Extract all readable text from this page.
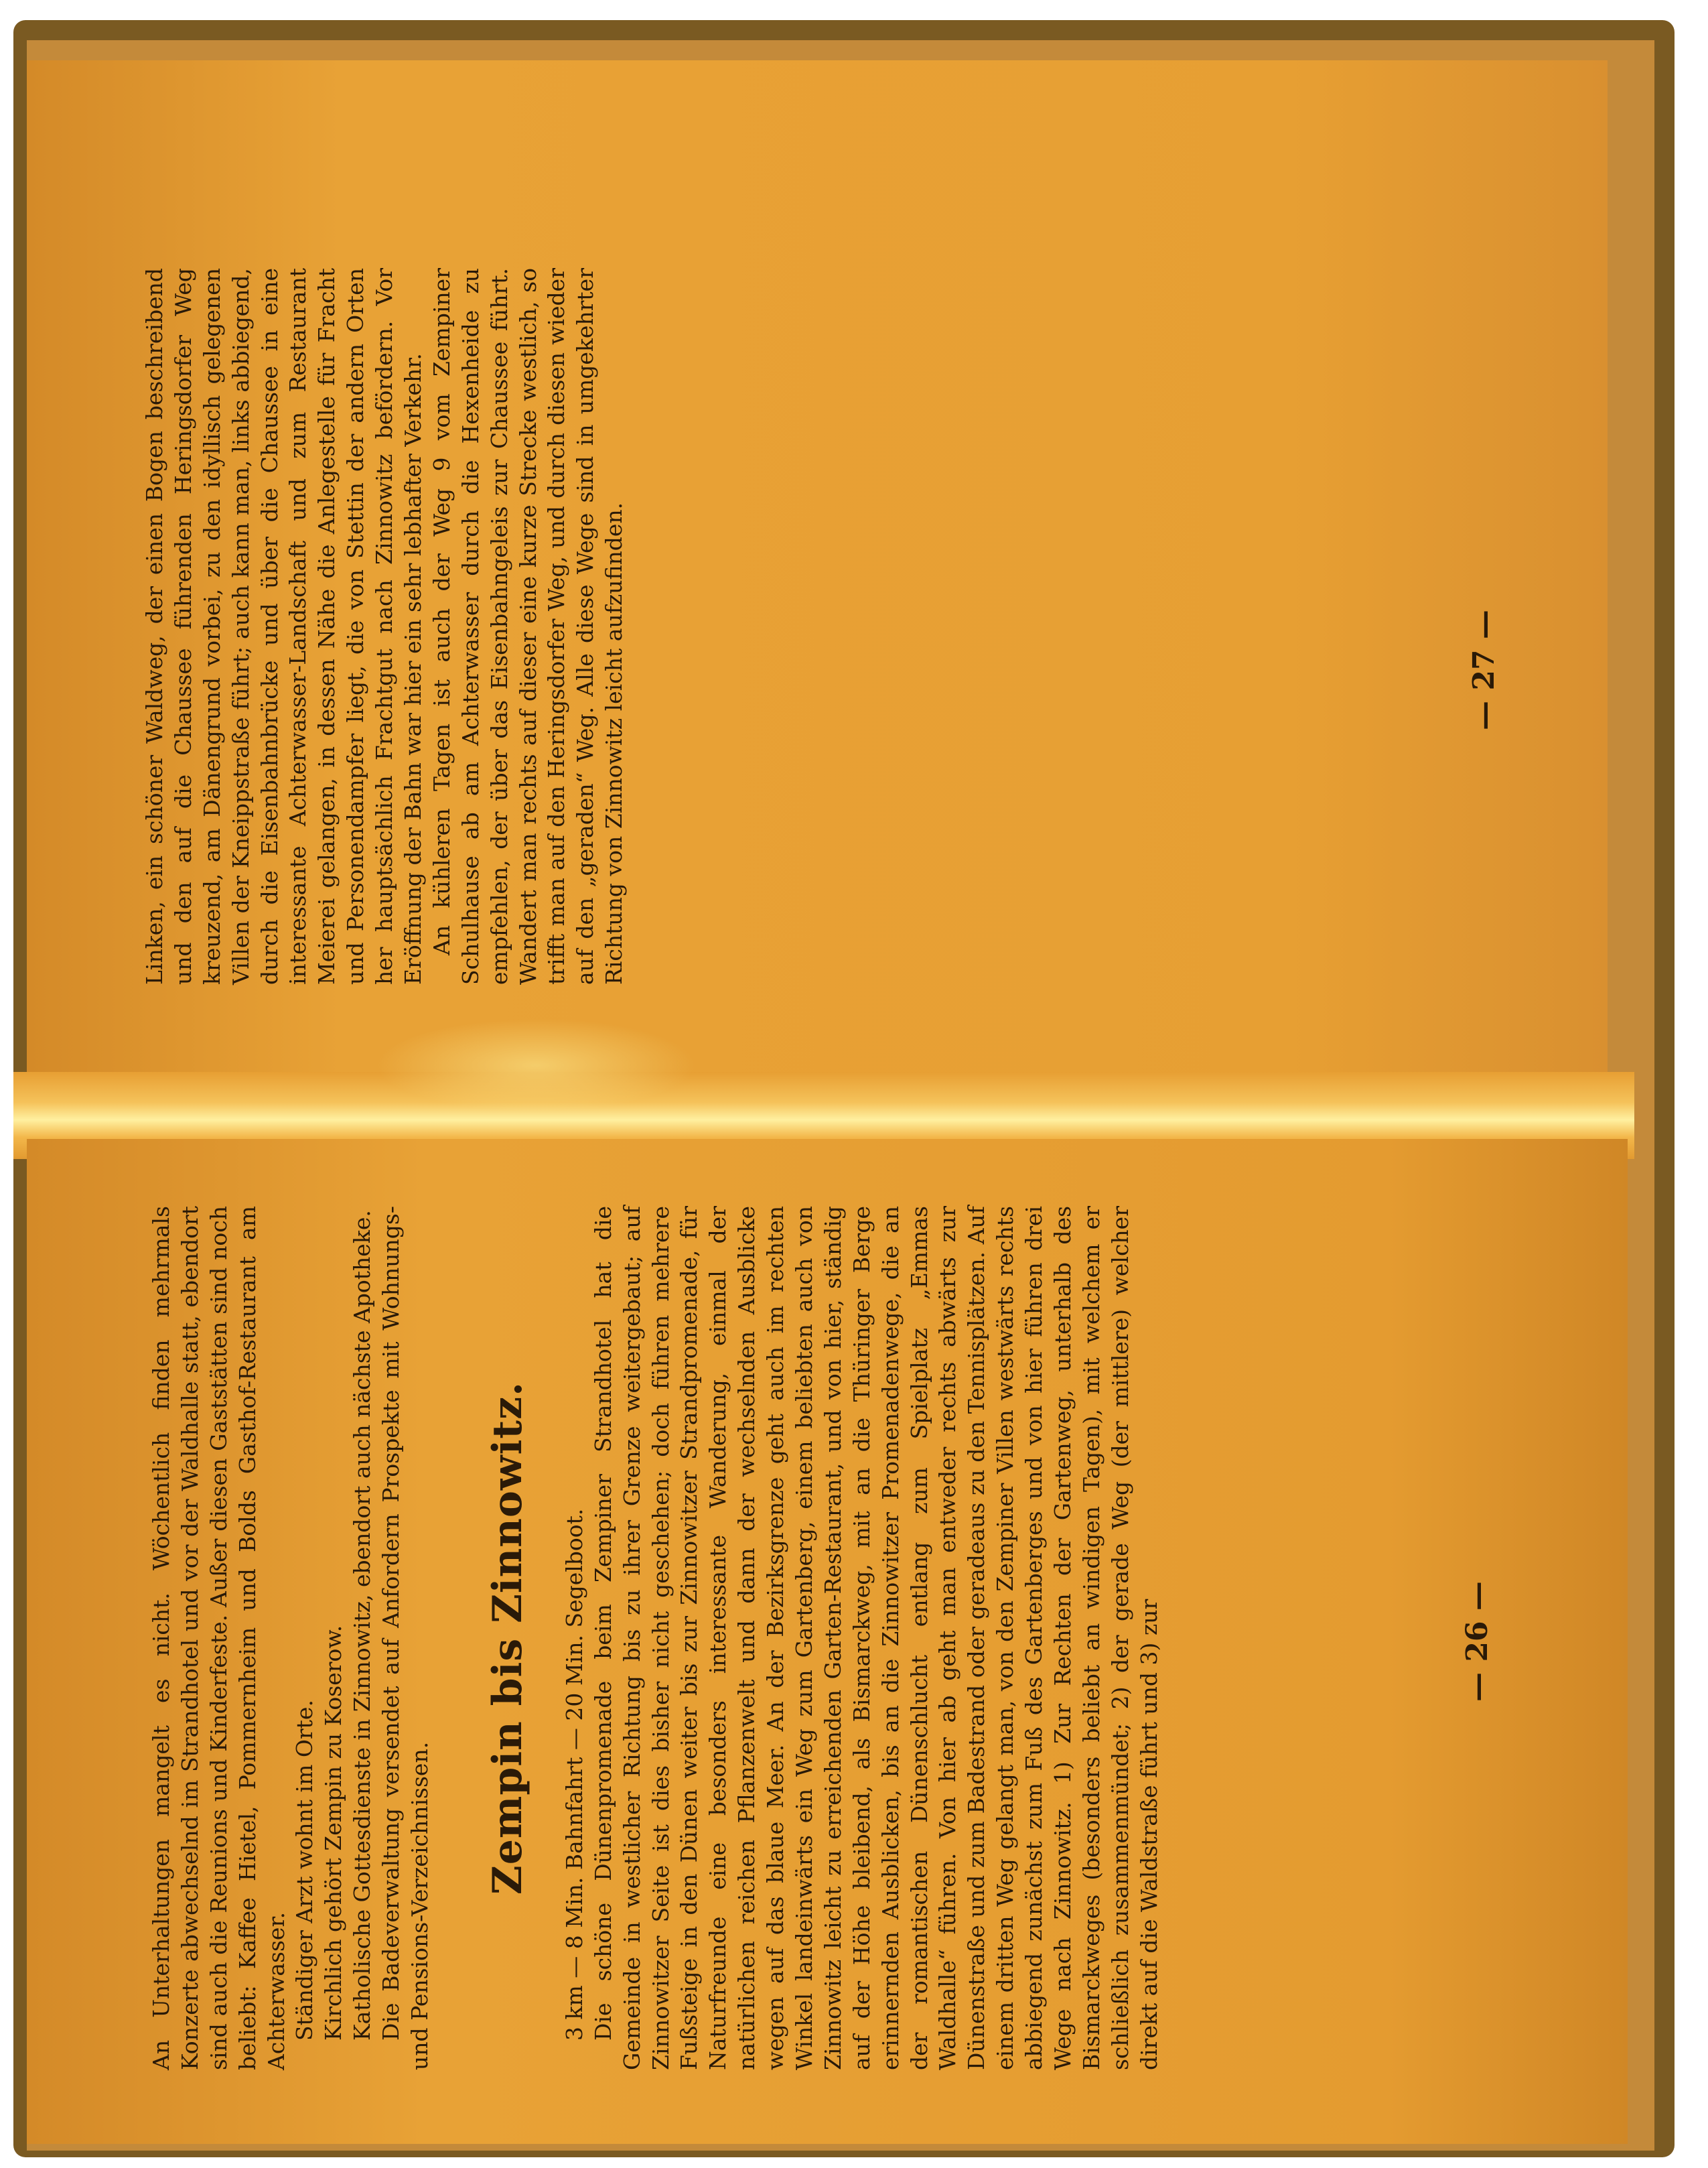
Linken, ein schöner Waldweg, der einen Bogen beschreibend und den auf die Chaussee führenden Heringsdorfer Weg kreuzend, am Dänengrund vorbei, zu den idyllisch gelegenen Villen der Kneippstraße führt; auch kann man, links abbiegend, durch die Eisenbahnbrücke und über die Chaussee in eine interessante Achterwasser-Landschaft und zum Restaurant Meierei gelangen, in dessen Nähe die Anlegestelle für Fracht und Personendampfer liegt, die von Stettin der andern Orten her hauptsächlich Frachtgut nach Zinnowitz befördern. Vor Eröffnung der Bahn war hier ein sehr lebhafter Verkehr. An kühleren Tagen ist auch der Weg 9 vom Zempiner Schulhause ab am Achterwasser durch die Hexenheide zu empfehlen, der über das Eisenbahngeleis zur Chaussee führt. Wandert man rechts auf dieser eine kurze Strecke westlich, so trifft man auf den Heringsdorfer Weg, und durch diesen wieder auf den „geraden“ Weg. Alle diese Wege sind in umgekehrter Richtung von Zinnowitz leicht aufzufinden.	— 27 —

An Unterhaltungen mangelt es nicht. Wöchentlich finden mehrmals Konzerte abwechselnd im Strandhotel und vor der Waldhalle statt, ebendort sind auch die Reunions und Kinderfeste. Außer diesen Gaststätten sind noch beliebt: Kaffee Hietel, Pommernheim und Bolds Gasthof-Restaurant am Achterwasser. Ständiger Arzt wohnt im Orte. Kirchlich gehört Zempin zu Koserow. Katholische Gottesdienste in Zinnowitz, ebendort auch nächste Apotheke. Die Badeverwaltung versendet auf Anfordern Prospekte mit Wohnungs- und Pensions-Verzeichnissen.

Zempin bis Zinnowitz. 3 km — 8 Min. Bahnfahrt — 20 Min. Segelboot. Die schöne Dünenpromenade beim Zempiner Strandhotel hat die Gemeinde in westlicher Richtung bis zu ihrer Grenze weitergebaut; auf Zinnowitzer Seite ist dies bisher nicht geschehen; doch führen mehrere Fußsteige in den Dünen weiter bis zur Zinnowitzer Strandpromenade, für Naturfreunde eine besonders interessante Wanderung, einmal der natürlichen reichen Pflanzenwelt und dann der wechselnden Ausblicke wegen auf das blaue Meer. An der Bezirksgrenze geht auch im rechten Winkel landeinwärts ein Weg zum Gartenberg, einem beliebten auch von Zinnowitz leicht zu erreichenden Garten-Restaurant, und von hier, ständig auf der Höhe bleibend, als Bismarckweg, mit an die Thüringer Berge erinnernden Ausblicken, bis an die Zinnowitzer Promenadenwege, die an der romantischen Dünenschlucht entlang zum Spielplatz „Emmas Waldhalle“ führen. Von hier ab geht man entweder rechts abwärts zur Dünenstraße und zum Badestrand oder geradeaus zu den Tennisplätzen. Auf einem dritten Weg gelangt man, von den Zempiner Villen westwärts rechts abbiegend zunächst zum Fuß des Gartenberges und von hier führen drei Wege nach Zinnowitz. 1) Zur Rechten der Gartenweg, unterhalb des Bismarckweges (besonders beliebt an windigen Tagen), mit welchem er schließlich zusammenmündet; 2) der gerade Weg (der mittlere) welcher direkt auf die Waldstraße führt und 3) zur	— 26 —
